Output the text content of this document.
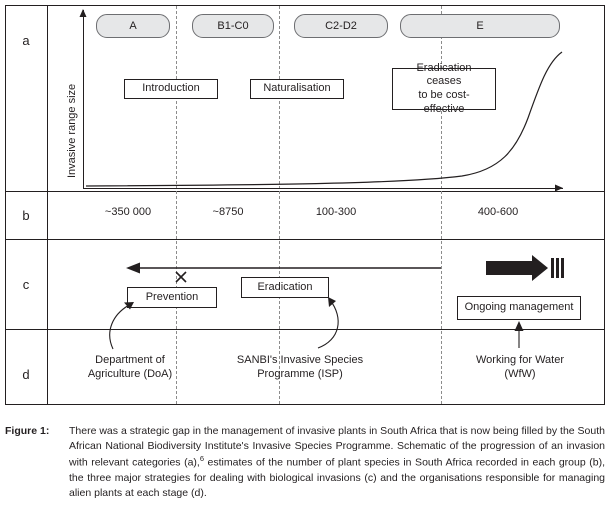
a
b
c
d
A	B1-C0	C2-D2	E
Introduction	Naturalisation
Eradication ceases
to be cost-effective
Invasive range size
~350 000	~8750	100-300	400-600
Prevention
Eradication
Ongoing management
Department of
Agriculture (DoA)
SANBI's Invasive Species
Programme (ISP)
Working for Water
(WfW)
Figure 1:	There was a strategic gap in the management of invasive plants in South Africa that is now being filled by the South African National Biodiversity Institute's Invasive Species Programme. Schematic of the progression of an invasion with relevant categories (a),$^6$ estimates of the number of plant species in South Africa recorded in each group (b), the three major strategies for dealing with biological invasions (c) and the organisations responsible for managing alien plants at each stage (d).
